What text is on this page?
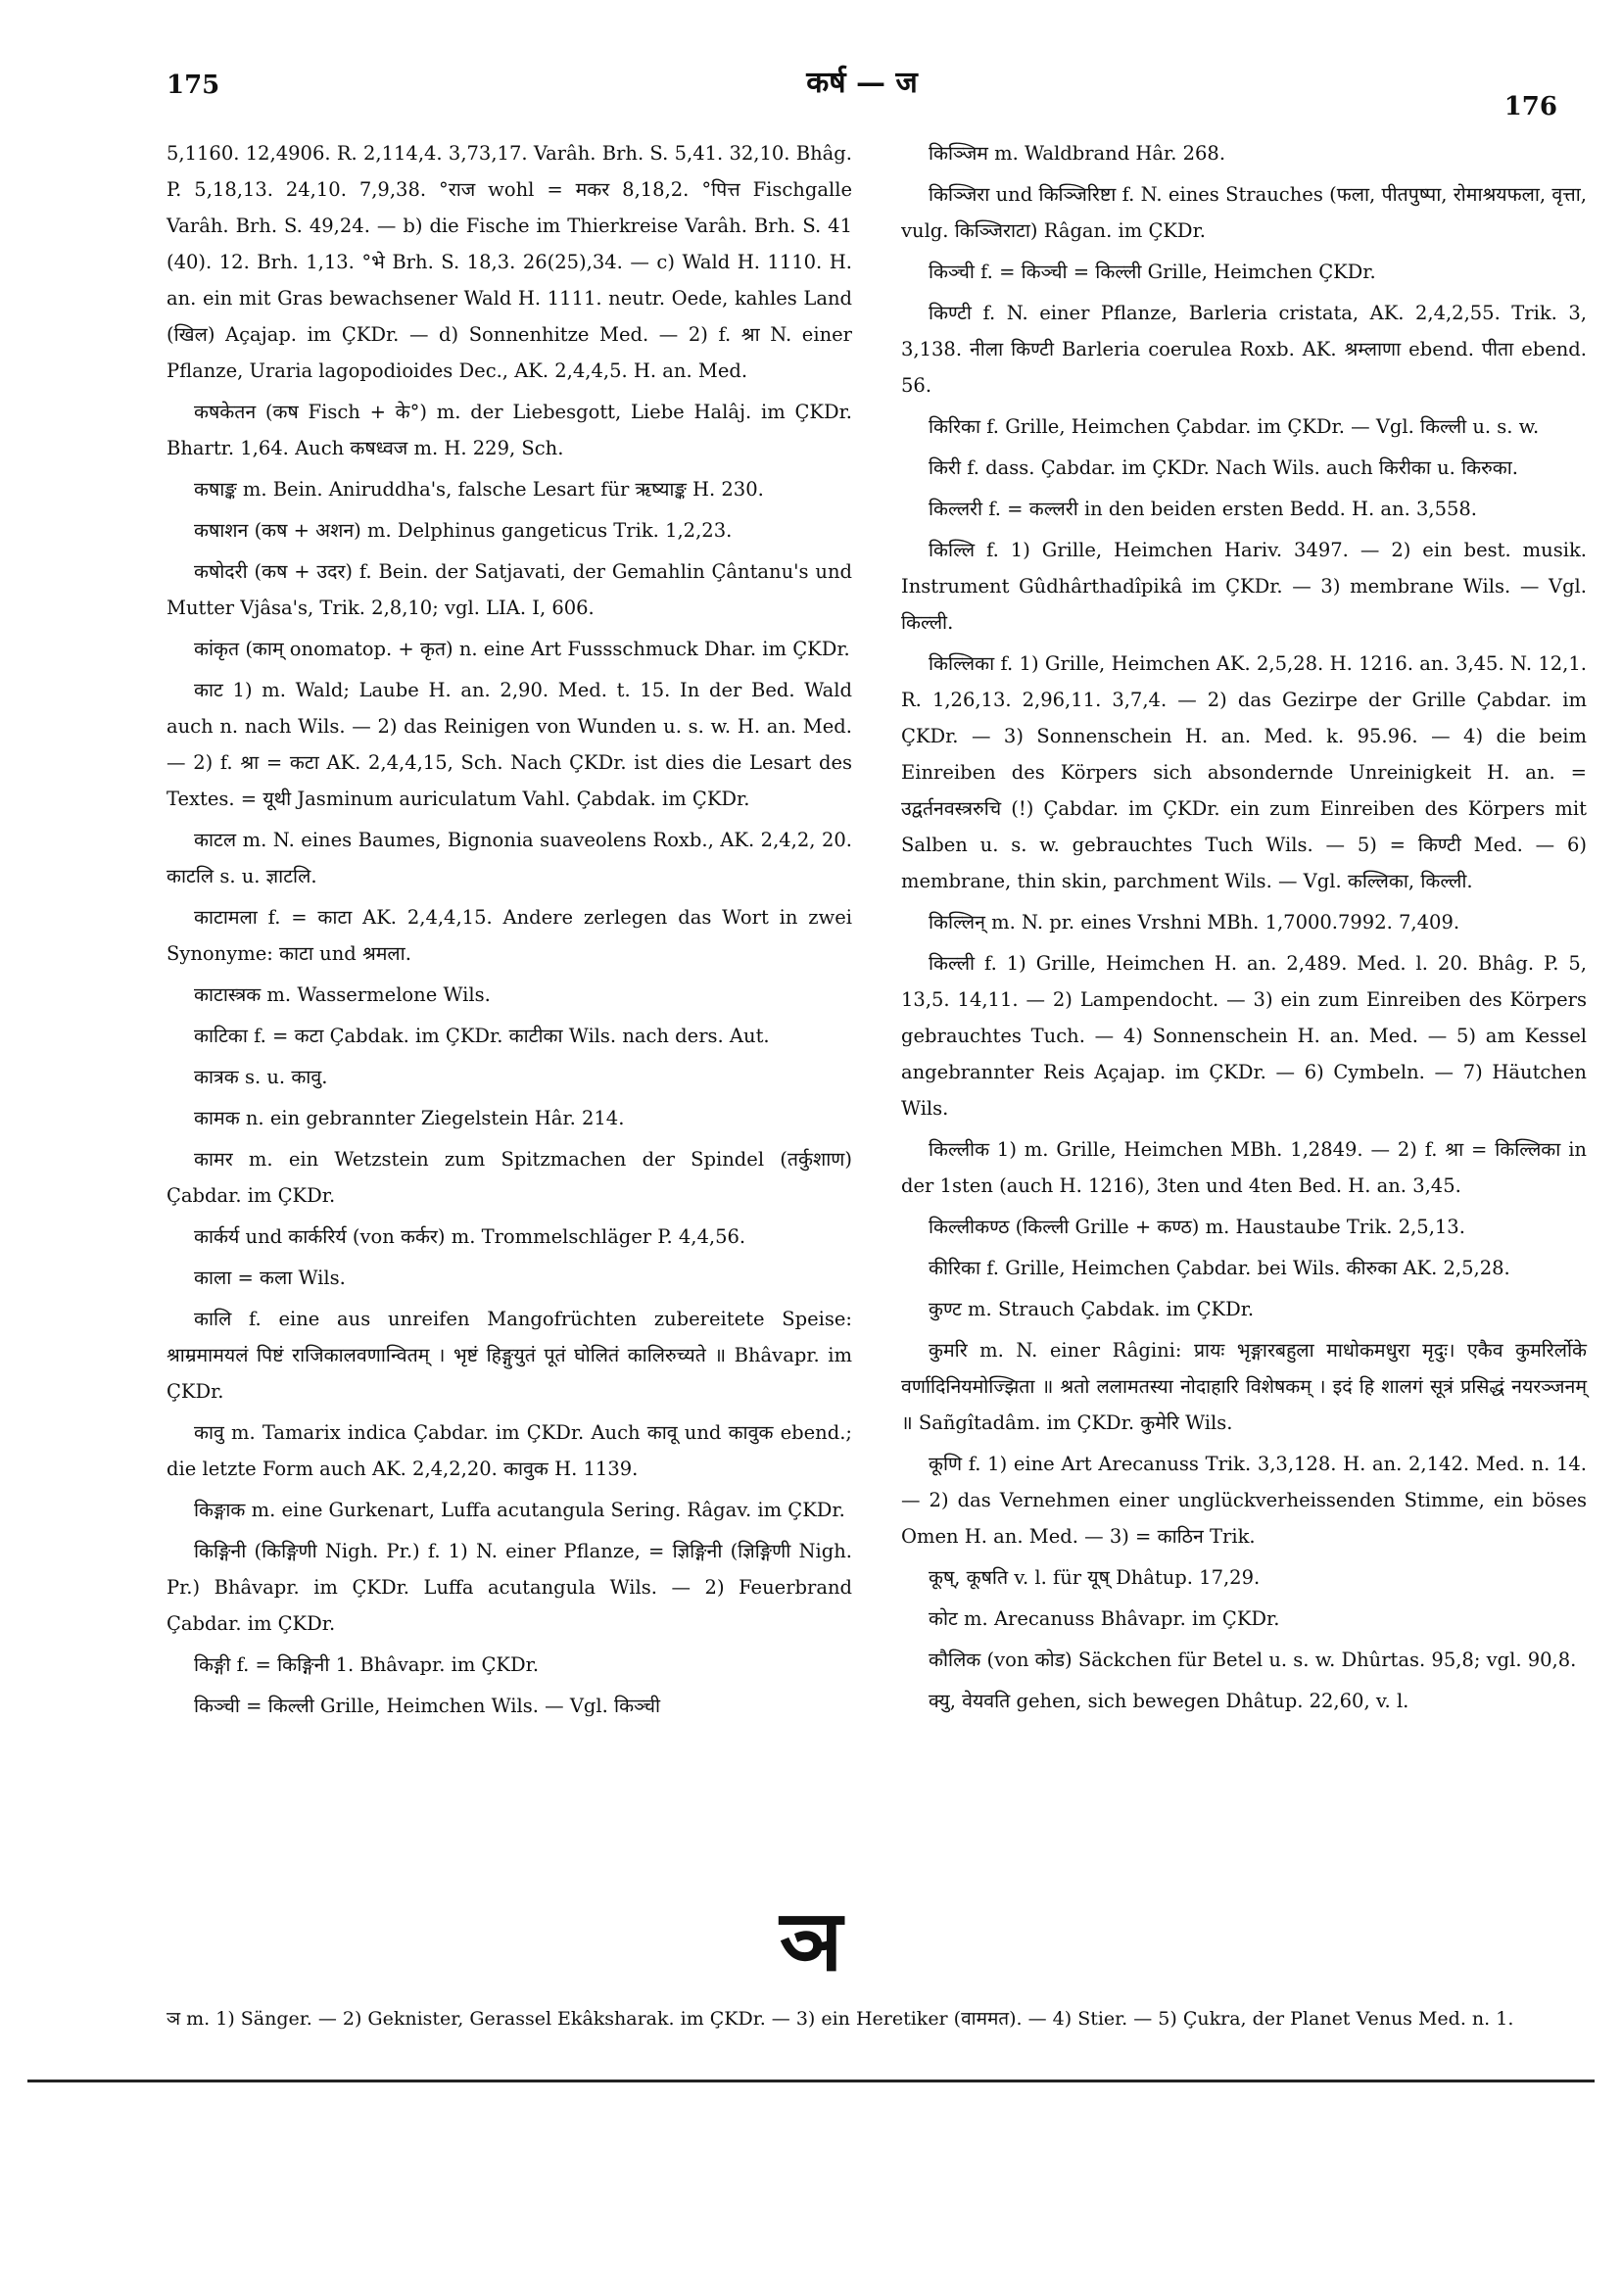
175	कर्ष — ज
176

5,1160. 12,4906. R. 2,114,4. 3,73,17. Varâh. Brh. S. 5,41. 32,10. Bhâg. P. 5,18,13. 24,10. 7,9,38. °राज wohl = मकर 8,18,2. °पित्त Fischgalle Varâh. Brh. S. 49,24. — b) die Fische im Thierkreise Varâh. Brh. S. 41 (40). 12. Brh. 1,13. °भे Brh. S. 18,3. 26(25),34. — c) Wald H. 1110. H. an. ein mit Gras bewachsener Wald H. 1111. neutr. Oede, kahles Land (खिल) Açajap. im ÇKDr. — d) Sonnenhitze Med. — 2) f. श्रा N. einer Pflanze, Uraria lagopodioides Dec., AK. 2,4,4,5. H. an. Med.

कषकेतन (कष Fisch + के°) m. der Liebesgott, Liebe Halâj. im ÇKDr. Bhartr. 1,64. Auch कषध्वज m. H. 229, Sch.

कषाङ्क m. Bein. Aniruddha's, falsche Lesart für ऋष्याङ्क H. 230.

कषाशन (कष + अशन) m. Delphinus gangeticus Trik. 1,2,23.

कषोदरी (कष + उदर) f. Bein. der Satjavati, der Gemahlin Çântanu's und Mutter Vjâsa's, Trik. 2,8,10; vgl. LIA. I, 606.

कांकृत (काम् onomatop. + कृत) n. eine Art Fussschmuck Dhar. im ÇKDr.

काट 1) m. Wald; Laube H. an. 2,90. Med. t. 15. In der Bed. Wald auch n. nach Wils. — 2) das Reinigen von Wunden u. s. w. H. an. Med. — 2) f. श्रा = कटा AK. 2,4,4,15, Sch. Nach ÇKDr. ist dies die Lesart des Textes. = यूथी Jasminum auriculatum Vahl. Çabdak. im ÇKDr.

काटल m. N. eines Baumes, Bignonia suaveolens Roxb., AK. 2,4,2, 20. काटलि s. u. ज्ञाटलि.

काटामला f. = काटा AK. 2,4,4,15. Andere zerlegen das Wort in zwei Synonyme: काटा und श्रमला.

काटास्त्रक m. Wassermelone Wils.

काटिका f. = कटा Çabdak. im ÇKDr. काटीका Wils. nach ders. Aut.

कात्रक s. u. कावु.

कामक n. ein gebrannter Ziegelstein Hâr. 214.

कामर m. ein Wetzstein zum Spitzmachen der Spindel (तर्कुशाण) Çabdar. im ÇKDr.

कार्कर्य und कार्करिर्य (von कर्कर) m. Trommelschläger P. 4,4,56.

काला = कला Wils.

कालि f. eine aus unreifen Mangofrüchten zubereitete Speise: श्राम्रमामयलं पिष्टं राजिकालवणान्वितम् । भृष्टं हिङ्गुयुतं पूतं घोलितं कालिरुच्यते ॥ Bhâvapr. im ÇKDr.

कावु m. Tamarix indica Çabdar. im ÇKDr. Auch कावू und कावुक ebend.; die letzte Form auch AK. 2,4,2,20. कावुक H. 1139.

किङ्गाक m. eine Gurkenart, Luffa acutangula Sering. Râgav. im ÇKDr.

किङ्गिनी (किङ्गिणी Nigh. Pr.) f. 1) N. einer Pflanze, = ज्ञिङ्गिनी (ज्ञिङ्गिणी Nigh. Pr.) Bhâvapr. im ÇKDr. Luffa acutangula Wils. — 2) Feuerbrand Çabdar. im ÇKDr.

किङ्गी f. = किङ्गिनी 1. Bhâvapr. im ÇKDr.

किञ्ची = किल्ली Grille, Heimchen Wils. — Vgl. किञ्ची

किञ्जिम m. Waldbrand Hâr. 268.

किञ्जिरा und किञ्जिरिष्टा f. N. eines Strauches (फला, पीतपुष्पा, रोमाश्रयफला, वृत्ता, vulg. किञ्जिराटा) Râgan. im ÇKDr.

किञ्ची f. = किञ्ची = किल्ली Grille, Heimchen ÇKDr.

किण्टी f. N. einer Pflanze, Barleria cristata, AK. 2,4,2,55. Trik. 3, 3,138. नीला किण्टी Barleria coerulea Roxb. AK. श्रम्लाणा ebend. पीता ebend. 56.

किरिका f. Grille, Heimchen Çabdar. im ÇKDr. — Vgl. किल्ली u. s. w.

किरी f. dass. Çabdar. im ÇKDr. Nach Wils. auch किरीका u. किरुका.

किल्लरी f. = कल्लरी in den beiden ersten Bedd. H. an. 3,558.

किल्लि f. 1) Grille, Heimchen Hariv. 3497. — 2) ein best. musik. Instrument Gûdhârthadîpikâ im ÇKDr. — 3) membrane Wils. — Vgl. किल्ली.

किल्लिका f. 1) Grille, Heimchen AK. 2,5,28. H. 1216. an. 3,45. N. 12,1. R. 1,26,13. 2,96,11. 3,7,4. — 2) das Gezirpe der Grille Çabdar. im ÇKDr. — 3) Sonnenschein H. an. Med. k. 95.96. — 4) die beim Einreiben des Körpers sich absondernde Unreinigkeit H. an. = उद्वर्तनवस्त्ररुचि (!) Çabdar. im ÇKDr. ein zum Einreiben des Körpers mit Salben u. s. w. gebrauchtes Tuch Wils. — 5) = किण्टी Med. — 6) membrane, thin skin, parchment Wils. — Vgl. कल्लिका, किल्ली.

किल्लिन् m. N. pr. eines Vrshni MBh. 1,7000.7992. 7,409.

किल्ली f. 1) Grille, Heimchen H. an. 2,489. Med. l. 20. Bhâg. P. 5, 13,5. 14,11. — 2) Lampendocht. — 3) ein zum Einreiben des Körpers gebrauchtes Tuch. — 4) Sonnenschein H. an. Med. — 5) am Kessel angebrannter Reis Açajap. im ÇKDr. — 6) Cymbeln. — 7) Häutchen Wils.

किल्लीक 1) m. Grille, Heimchen MBh. 1,2849. — 2) f. श्रा = किल्लिका in der 1sten (auch H. 1216), 3ten und 4ten Bed. H. an. 3,45.

किल्लीकण्ठ (किल्ली Grille + कण्ठ) m. Haustaube Trik. 2,5,13.

कीरिका f. Grille, Heimchen Çabdar. bei Wils. कीरुका AK. 2,5,28.

कुण्ट m. Strauch Çabdak. im ÇKDr.

कुमरि m. N. einer Râgini: प्रायः भृङ्गारबहुला माधोकमधुरा मृदुः। एकैव कुमरिर्लोके वर्णादिनियमोज्झिता ॥ श्रतो ललामतस्या नोदाहारि विशेषकम् । इदं हि शालगं सूत्रं प्रसिद्धं नयरञ्जनम् ॥ Sañgîtadâm. im ÇKDr. कुमेरि Wils.

कूणि f. 1) eine Art Arecanuss Trik. 3,3,128. H. an. 2,142. Med. n. 14. — 2) das Vernehmen einer unglückverheissenden Stimme, ein böses Omen H. an. Med. — 3) = काठिन Trik.

कूष्, कूषति v. l. für यूष् Dhâtup. 17,29.

कोट m. Arecanuss Bhâvapr. im ÇKDr.

कौलिक (von कोड) Säckchen für Betel u. s. w. Dhûrtas. 95,8; vgl. 90,8.

क्यु, वेयवति gehen, sich bewegen Dhâtup. 22,60, v. l.

ञ
ञ m. 1) Sänger. — 2) Geknister, Gerassel Ekâksharak. im ÇKDr. — 3) ein Heretiker (वाममत). — 4) Stier. — 5) Çukra, der Planet Venus Med. n. 1.
